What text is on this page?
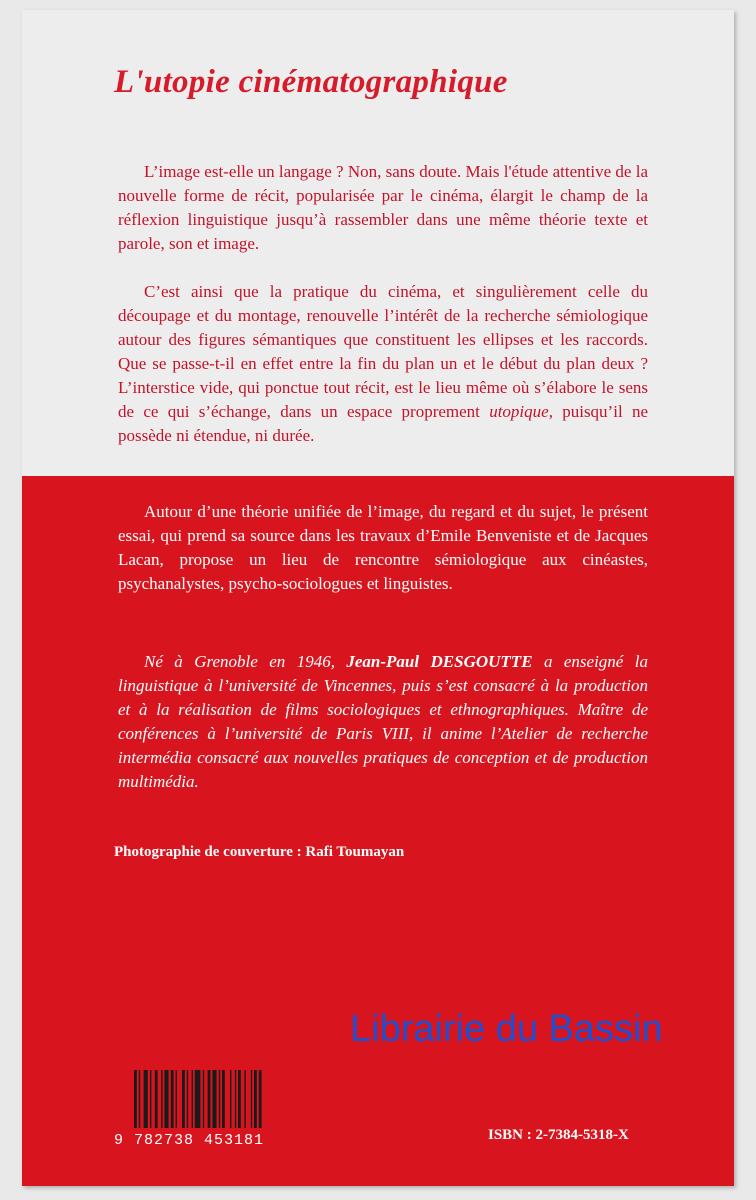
L'utopie cinématographique

L’image est-elle un langage ? Non, sans doute. Mais l'étude attentive de la nouvelle forme de récit, popularisée par le cinéma, élargit le champ de la réflexion linguistique jusqu’à rassembler dans une même théorie texte et parole, son et image.

C’est ainsi que la pratique du cinéma, et singulièrement celle du découpage et du montage, renouvelle l’intérêt de la recherche sémiologique autour des figures sémantiques que constituent les ellipses et les raccords. Que se passe-t-il en effet entre la fin du plan un et le début du plan deux ? L’interstice vide, qui ponctue tout récit, est le lieu même où s’élabore le sens de ce qui s’échange, dans un espace proprement utopique, puisqu’il ne possède ni étendue, ni durée.

Autour d’une théorie unifiée de l’image, du regard et du sujet, le présent essai, qui prend sa source dans les travaux d’Emile Benveniste et de Jacques Lacan, propose un lieu de rencontre sémiologique aux cinéastes, psychanalystes, psycho-sociologues et linguistes.

Né à Grenoble en 1946, Jean-Paul DESGOUTTE a enseigné la linguistique à l’université de Vincennes, puis s’est consacré à la production et à la réalisation de films sociologiques et ethnographiques. Maître de conférences à l’université de Paris VIII, il anime l’Atelier de recherche intermédia consacré aux nouvelles pratiques de conception et de production multimédia.

Photographie de couverture : Rafi Toumayan

Librairie du Bassin
9 782738 453181	ISBN : 2-7384-5318-X
